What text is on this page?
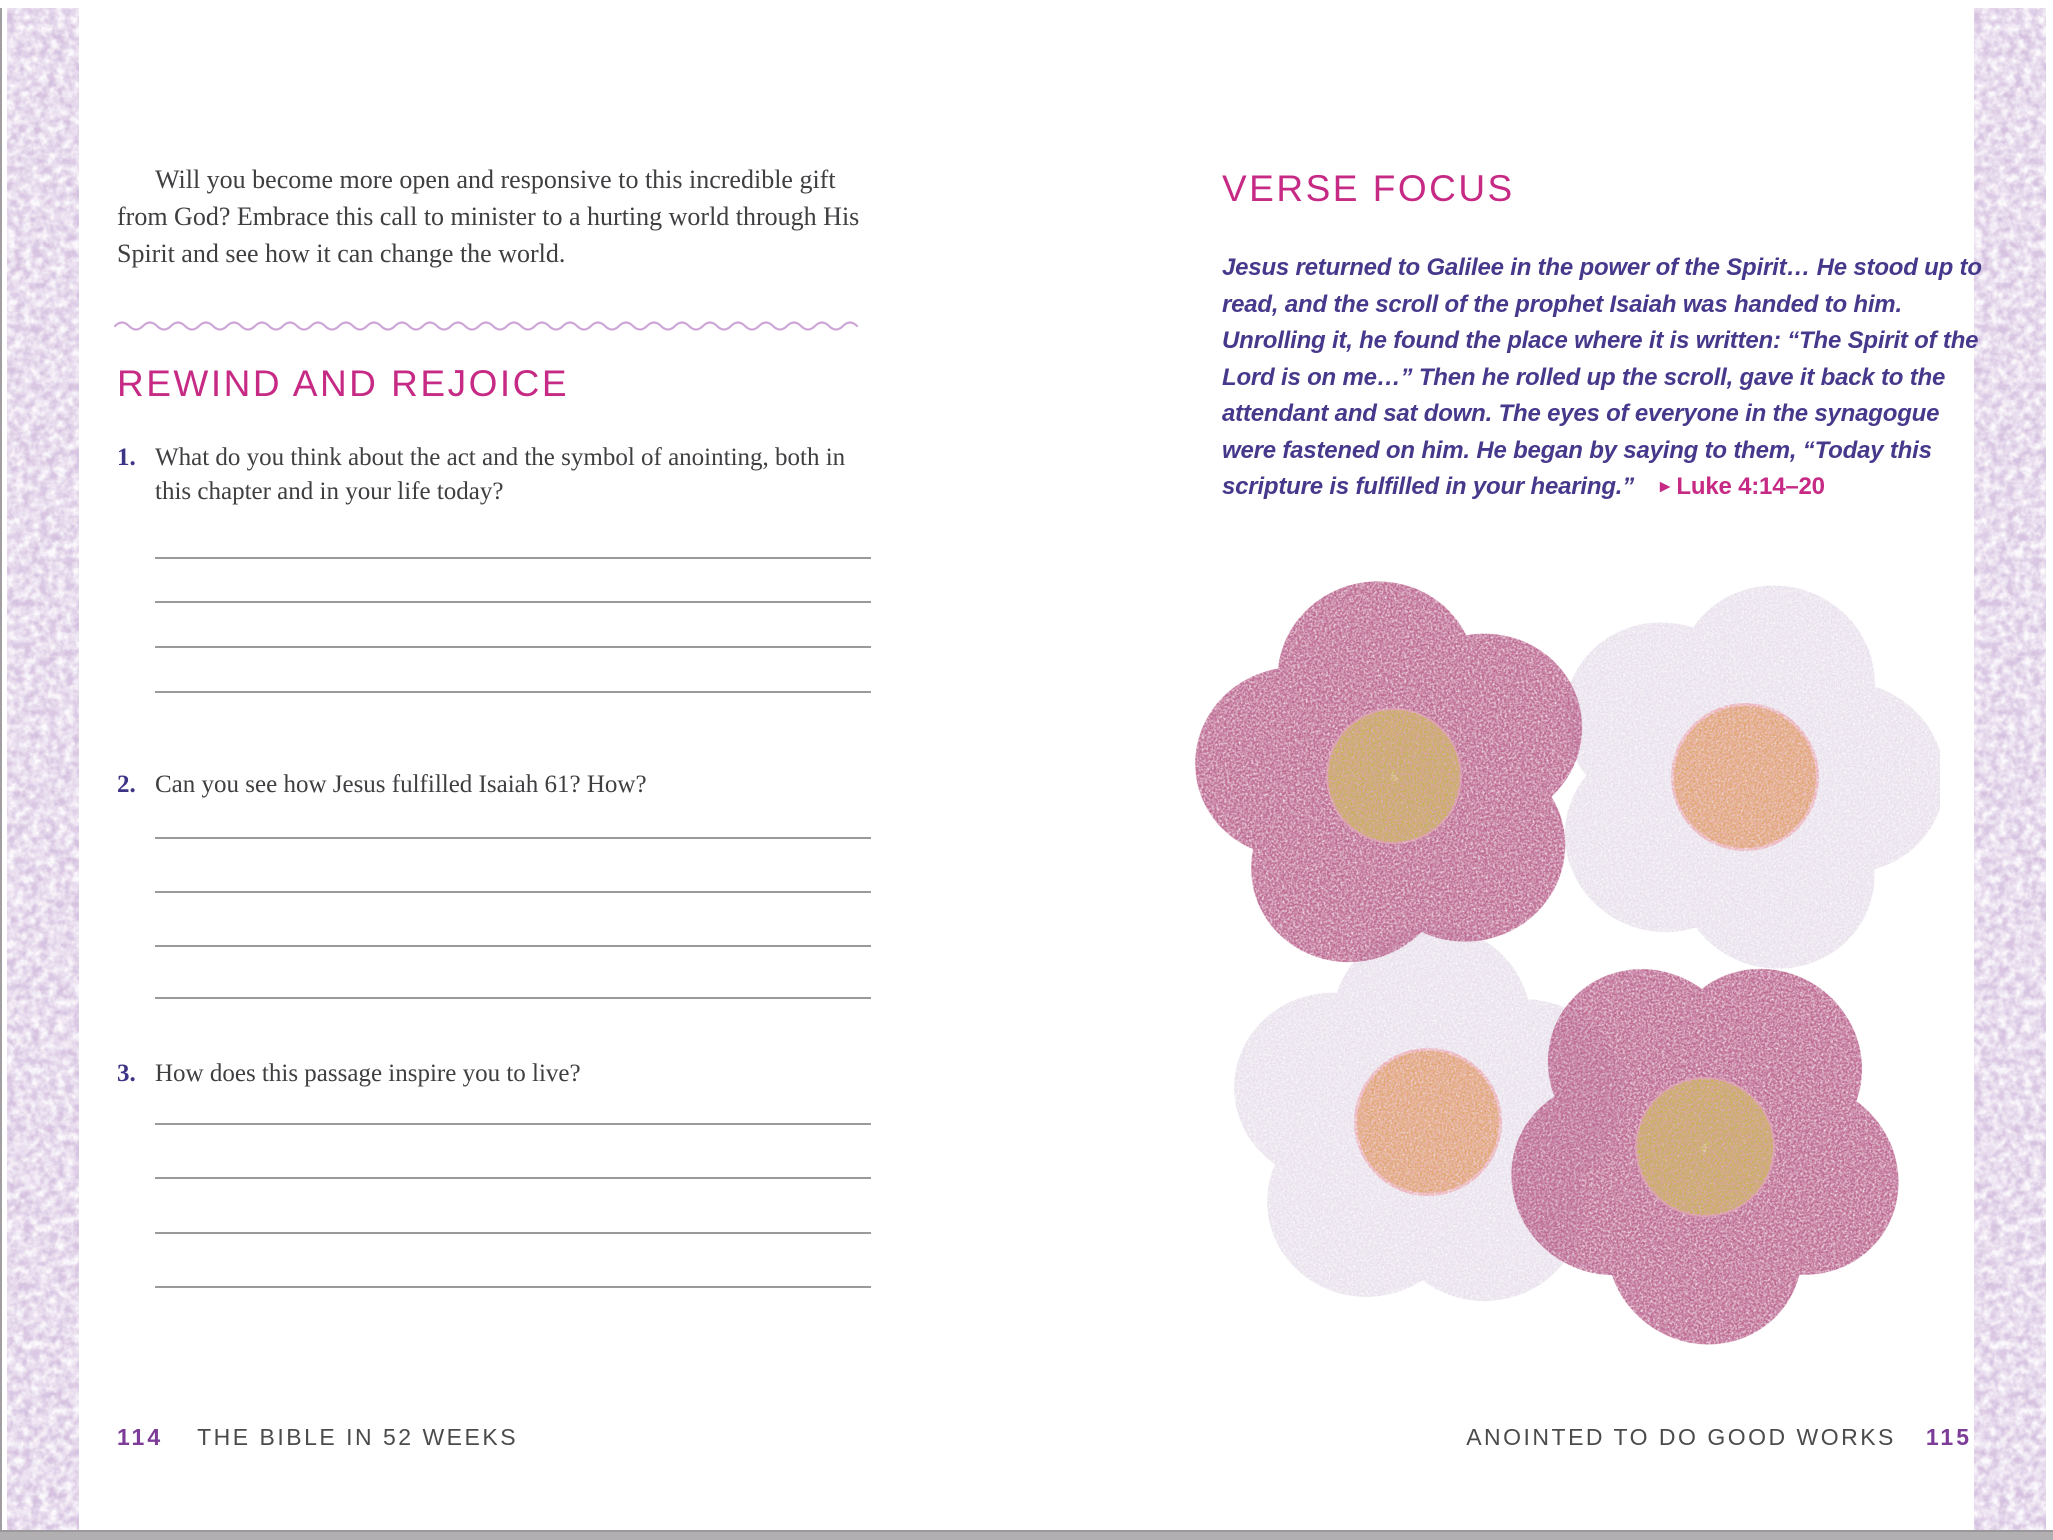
Will you become more open and responsive to this incredible gift from God? Embrace this call to minister to a hurting world through His Spirit and see how it can change the world.

REWIND AND REJOICE
1. What do you think about the act and the symbol of anointing, both in this chapter and in your life today?
2. Can you see how Jesus fulfilled Isaiah 61? How?
3. How does this passage inspire you to live?
114 THE BIBLE IN 52 WEEKS
VERSE FOCUS

Jesus returned to Galilee in the power of the Spirit… He stood up to read, and the scroll of the prophet Isaiah was handed to him. Unrolling it, he found the place where it is written: “The Spirit of the Lord is on me…” Then he rolled up the scroll, gave it back to the attendant and sat down. The eyes of everyone in the synagogue were fastened on him. He began by saying to them, “Today this scripture is fulfilled in your hearing.” ▸ Luke 4:14–20

ANOINTED TO DO GOOD WORKS 115
